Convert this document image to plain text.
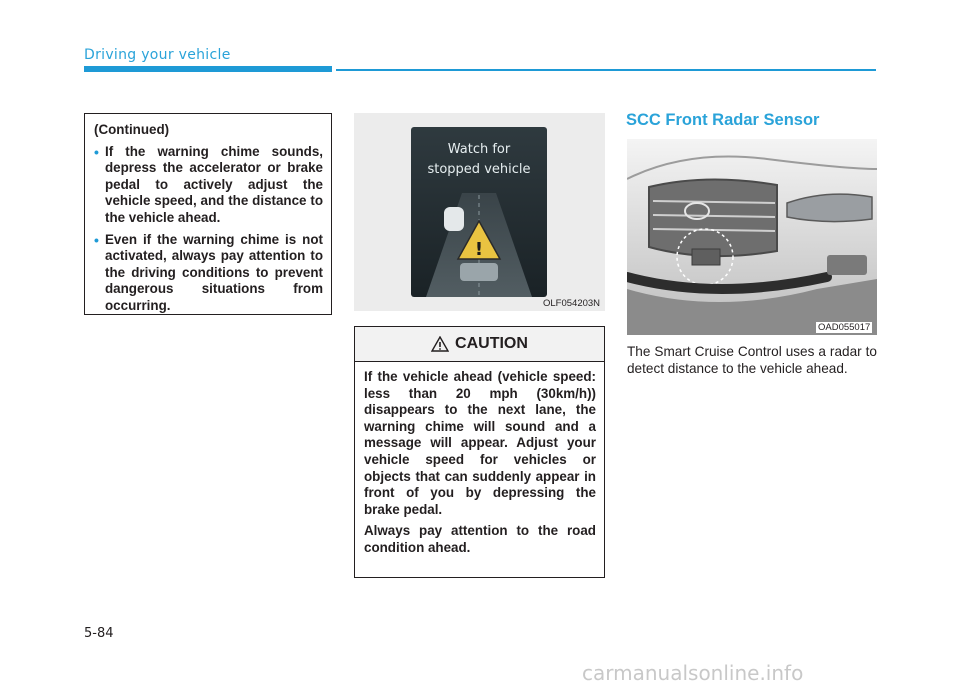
Driving your vehicle
(Continued)
• If the warning chime sounds, depress the accelerator or brake pedal to actively adjust the vehicle speed, and the distance to the vehicle ahead.
• Even if the warning chime is not activated, always pay attention to the driving conditions to prevent dangerous situations from occurring.
Watch for
stopped vehicle
!
OLF054203N
CAUTION

If the vehicle ahead (vehicle speed: less than 20 mph (30km/h)) disappears to the next lane, the warning chime will sound and a message will appear. Adjust your vehicle speed for vehicles or objects that can suddenly appear in front of you by depressing the brake pedal.

Always pay attention to the road condition ahead.

SCC Front Radar Sensor
OAD055017
The Smart Cruise Control uses a radar to detect distance to the vehicle ahead.
5-84
carmanualsonline.info
